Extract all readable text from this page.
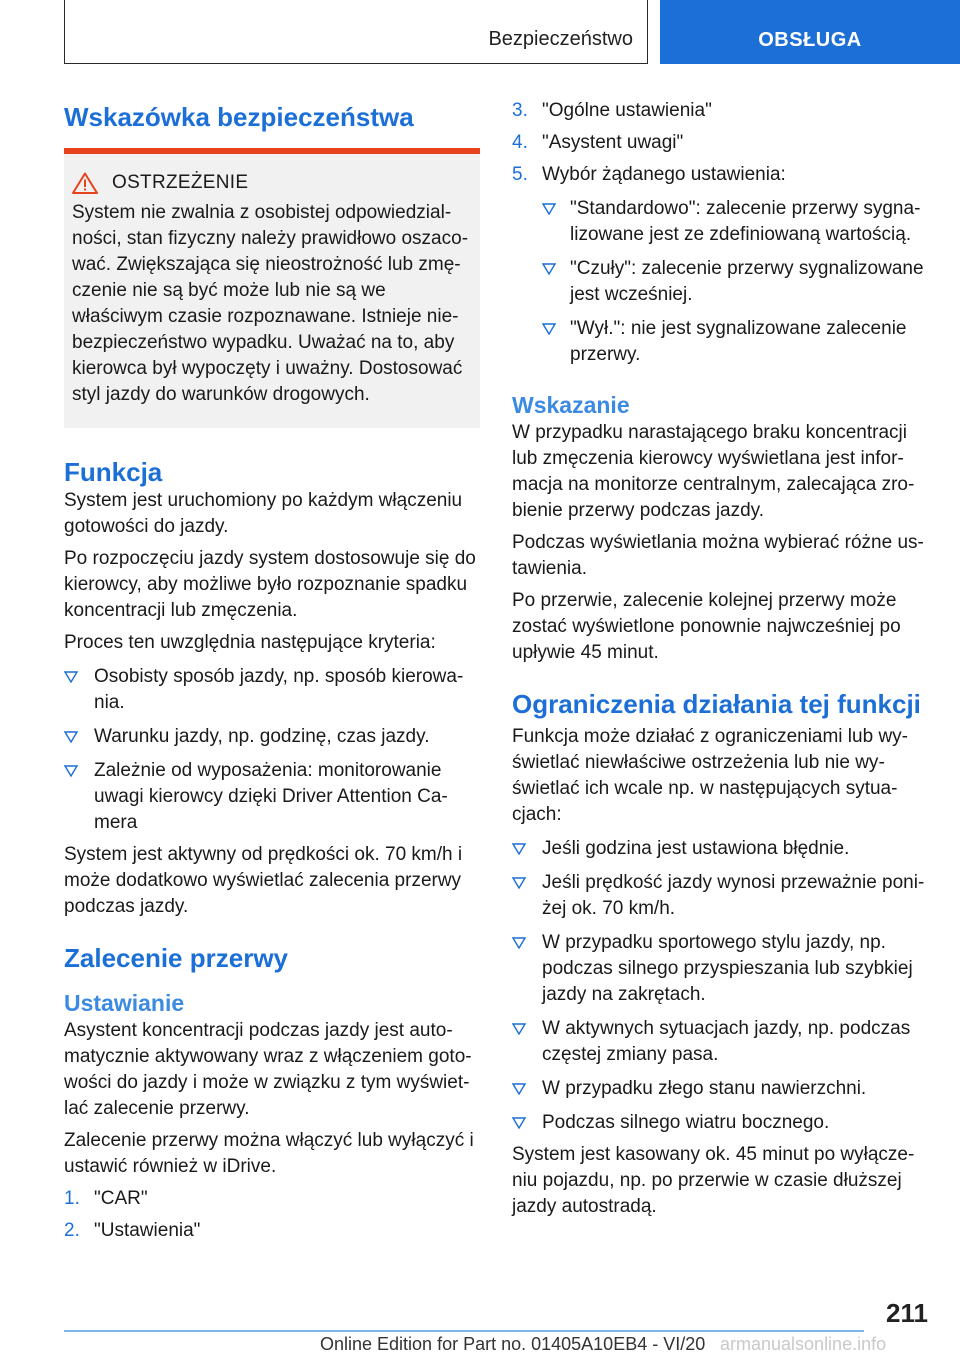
Bezpieczeństwo	OBSŁUGA
Wskazówka bezpieczeństwa
OSTRZEŻENIE

System nie zwalnia z osobistej odpowiedzialności, stan fizyczny należy prawidłowo oszacować. Zwiększająca się nieostrożność lub zmęczenie nie są być może lub nie są we właściwym czasie rozpoznawane. Istnieje niebezpieczeństwo wypadku. Uważać na to, aby kierowca był wypoczęty i uważny. Dostosować styl jazdy do warunków drogowych.

Funkcja

System jest uruchomiony po każdym włączeniu gotowości do jazdy.

Po rozpoczęciu jazdy system dostosowuje się do kierowcy, aby możliwe było rozpoznanie spadku koncentracji lub zmęczenia.

Proces ten uwzględnia następujące kryteria:

Osobisty sposób jazdy, np. sposób kierowania.
Warunku jazdy, np. godzinę, czas jazdy.
Zależnie od wyposażenia: monitorowanie uwagi kierowcy dzięki Driver Attention Camera

System jest aktywny od prędkości ok. 70 km/h i może dodatkowo wyświetlać zalecenia przerwy podczas jazdy.

Zalecenie przerwy
Ustawianie

Asystent koncentracji podczas jazdy jest automatycznie aktywowany wraz z włączeniem gotowości do jazdy i może w związku z tym wyświetlać zalecenie przerwy.

Zalecenie przerwy można włączyć lub wyłączyć i ustawić również w iDrive.

1. "CAR"
2. "Ustawienia"
3. "Ogólne ustawienia"
4. "Asystent uwagi"
5. Wybór żądanego ustawienia:
"Standardowo": zalecenie przerwy sygnalizowane jest ze zdefiniowaną wartością.
"Czuły": zalecenie przerwy sygnalizowane jest wcześniej.
"Wył.": nie jest sygnalizowane zalecenie przerwy.
Wskazanie

W przypadku narastającego braku koncentracji lub zmęczenia kierowcy wyświetlana jest informacja na monitorze centralnym, zalecająca zrobienie przerwy podczas jazdy.

Podczas wyświetlania można wybierać różne ustawienia.

Po przerwie, zalecenie kolejnej przerwy może zostać wyświetlone ponownie najwcześniej po upływie 45 minut.

Ograniczenia działania tej funkcji

Funkcja może działać z ograniczeniami lub wyświetlać niewłaściwe ostrzeżenia lub nie wyświetlać ich wcale np. w następujących sytuacjach:

Jeśli godzina jest ustawiona błędnie.
Jeśli prędkość jazdy wynosi przeważnie poniżej ok. 70 km/h.
W przypadku sportowego stylu jazdy, np. podczas silnego przyspieszania lub szybkiej jazdy na zakrętach.
W aktywnych sytuacjach jazdy, np. podczas częstej zmiany pasa.
W przypadku złego stanu nawierzchni.
Podczas silnego wiatru bocznego.

System jest kasowany ok. 45 minut po wyłączeniu pojazdu, np. po przerwie w czasie dłuższej jazdy autostradą.

211
Online Edition for Part no. 01405A10EB4 - VI/20 armanualsonline.info
